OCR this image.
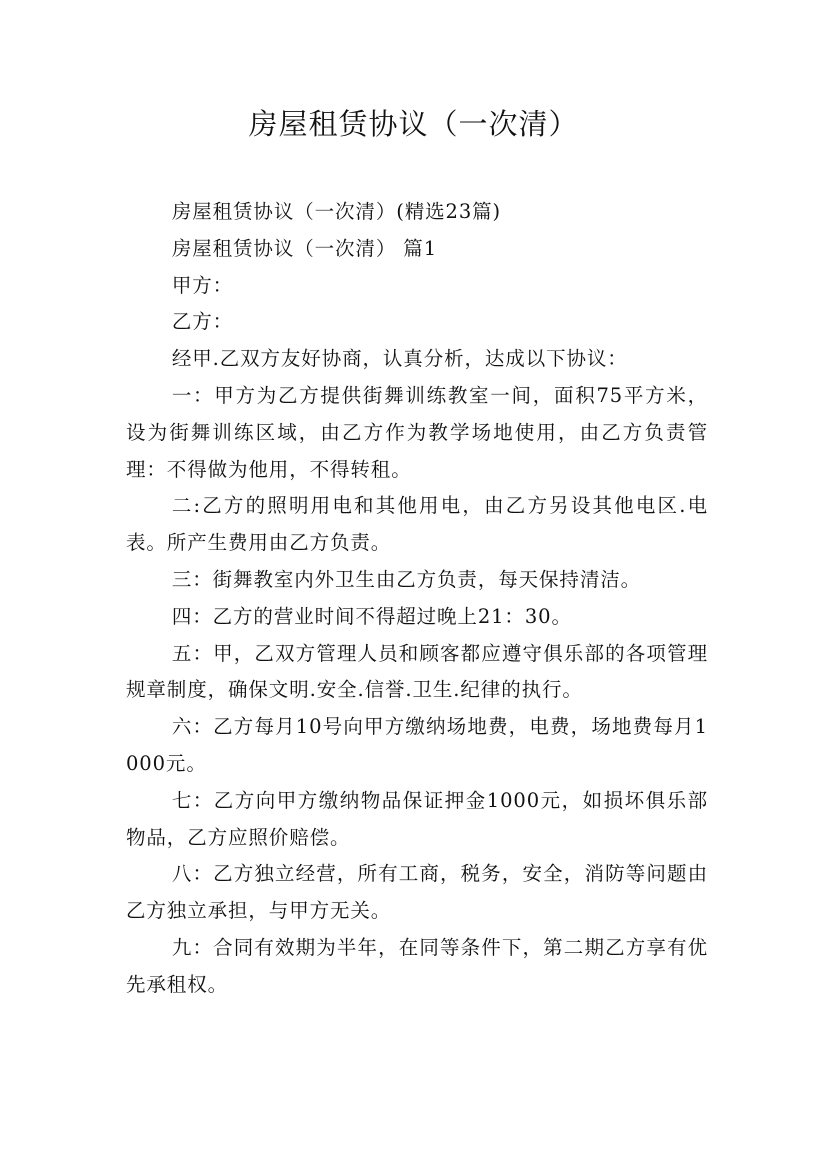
房屋租赁协议（一次清）

房屋租赁协议（一次清）(精选23篇)

房屋租赁协议（一次清） 篇1

甲方：

乙方：

经甲.乙双方友好协商，认真分析，达成以下协议：

一：甲方为乙方提供街舞训练教室一间，面积75平方米，设为街舞训练区域，由乙方作为教学场地使用，由乙方负责管理：不得做为他用，不得转租。

二:乙方的照明用电和其他用电，由乙方另设其他电区.电表。所产生费用由乙方负责。

三：街舞教室内外卫生由乙方负责，每天保持清洁。

四：乙方的营业时间不得超过晚上21：30。

五：甲，乙双方管理人员和顾客都应遵守俱乐部的各项管理规章制度，确保文明.安全.信誉.卫生.纪律的执行。

六：乙方每月10号向甲方缴纳场地费，电费，场地费每月1000元。

七：乙方向甲方缴纳物品保证押金1000元，如损坏俱乐部物品，乙方应照价赔偿。

八：乙方独立经营，所有工商，税务，安全，消防等问题由乙方独立承担，与甲方无关。

九：合同有效期为半年，在同等条件下，第二期乙方享有优先承租权。
